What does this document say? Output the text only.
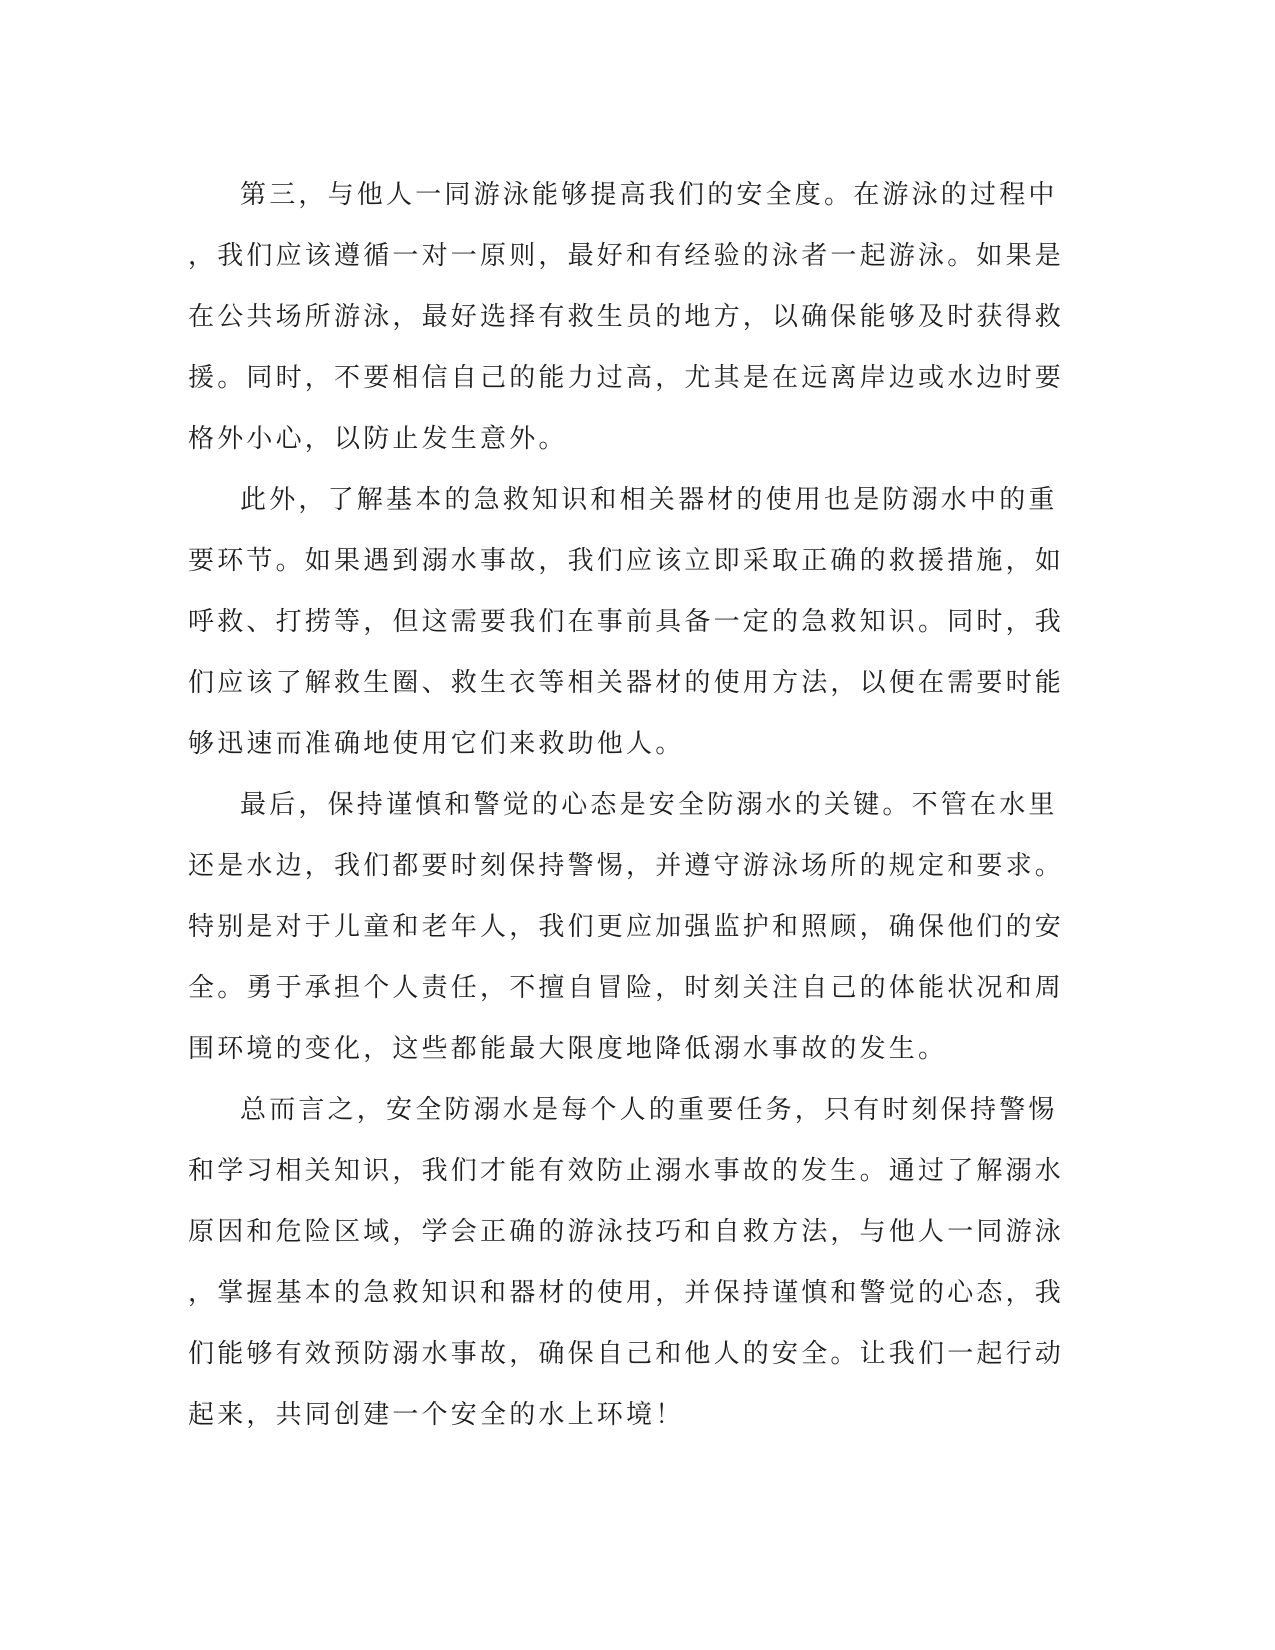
第三，与他人一同游泳能够提高我们的安全度。在游泳的过程中
，我们应该遵循一对一原则，最好和有经验的泳者一起游泳。如果是
在公共场所游泳，最好选择有救生员的地方，以确保能够及时获得救
援。同时，不要相信自己的能力过高，尤其是在远离岸边或水边时要
格外小心，以防止发生意外。

此外，了解基本的急救知识和相关器材的使用也是防溺水中的重
要环节。如果遇到溺水事故，我们应该立即采取正确的救援措施，如
呼救、打捞等，但这需要我们在事前具备一定的急救知识。同时，我
们应该了解救生圈、救生衣等相关器材的使用方法，以便在需要时能
够迅速而准确地使用它们来救助他人。

最后，保持谨慎和警觉的心态是安全防溺水的关键。不管在水里
还是水边，我们都要时刻保持警惕，并遵守游泳场所的规定和要求。
特别是对于儿童和老年人，我们更应加强监护和照顾，确保他们的安
全。勇于承担个人责任，不擅自冒险，时刻关注自己的体能状况和周
围环境的变化，这些都能最大限度地降低溺水事故的发生。

总而言之，安全防溺水是每个人的重要任务，只有时刻保持警惕
和学习相关知识，我们才能有效防止溺水事故的发生。通过了解溺水
原因和危险区域，学会正确的游泳技巧和自救方法，与他人一同游泳
，掌握基本的急救知识和器材的使用，并保持谨慎和警觉的心态，我
们能够有效预防溺水事故，确保自己和他人的安全。让我们一起行动
起来，共同创建一个安全的水上环境！
